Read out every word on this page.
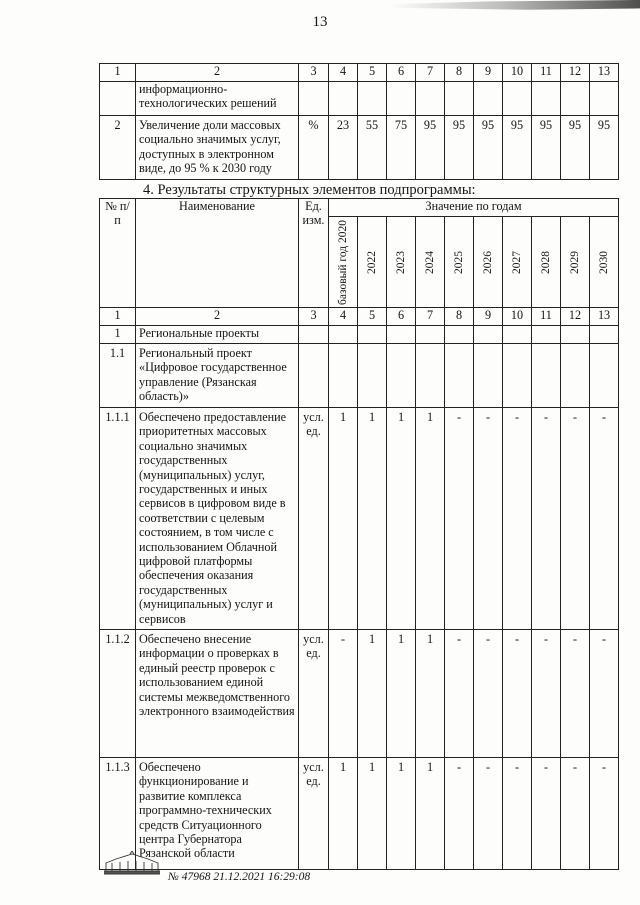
13
1	2	3	4	5	6	7	8	9	10	11	12	13
	информационно-технологических решений											
2	Увеличение доли массовых социально значимых услуг, доступных в электронном виде, до 95 % к 2030 году	%	23	55	75	95	95	95	95	95	95	95
4. Результаты структурных элементов подпрограммы:
№ п/п	Наименование	Ед. изм.	Значение по годам									

			базовый год 2020	2022	2023	2024	2025	2026	2027	2028	2029	2030

1	2	3	4	5	6	7	8	9	10	11	12	13
1	Региональные проекты											
1.1	Региональный проект «Цифровое государственное управление (Рязанская область)»											
1.1.1	Обеспечено предоставление приоритетных массовых социально значимых государственных (муниципальных) услуг, государственных и иных сервисов в цифровом виде в соответствии с целевым состоянием, в том числе с использованием Облачной цифровой платформы обеспечения оказания государственных (муниципальных) услуг и сервисов	усл. ед.	1	1	1	1	-	-	-	-	-	-
1.1.2	Обеспечено внесение информации о проверках в единый реестр проверок с использованием единой системы межведомственного электронного взаимодействия	усл. ед.	-	1	1	1	-	-	-	-	-	-
1.1.3	Обеспечено функционирование и развитие комплекса программно-технических средств Ситуационного центра Губернатора Рязанской области	усл. ед.	1	1	1	1	-	-	-	-	-	-
№ 47968 21.12.2021 16:29:08
